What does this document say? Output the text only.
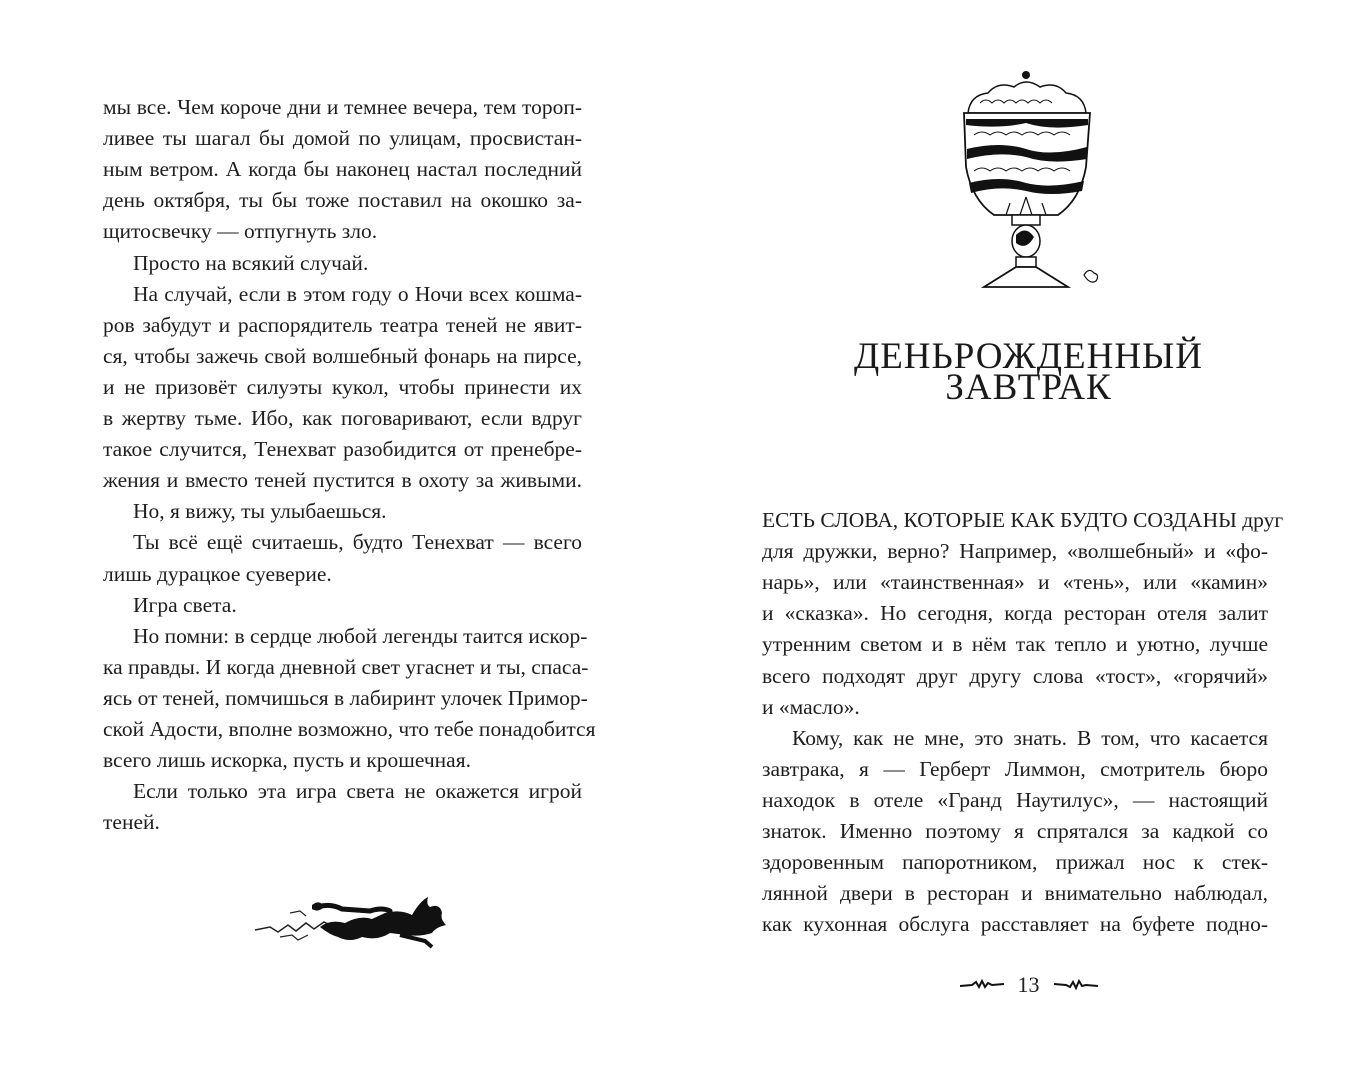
мы все. Чем короче дни и темнее вечера, тем тороп-
ливее ты шагал бы домой по улицам, просвистан-
ным ветром. А когда бы наконец настал последний
день октября, ты бы тоже поставил на окошко за-
щитосвечку — отпугнуть зло.
Просто на всякий случай.
На случай, если в этом году о Ночи всех кошма-
ров забудут и распорядитель театра теней не явит-
ся, чтобы зажечь свой волшебный фонарь на пирсе,
и не призовёт силуэты кукол, чтобы принести их
в жертву тьме. Ибо, как поговаривают, если вдруг
такое случится, Тенехват разобидится от пренебре-
жения и вместо теней пустится в охоту за живыми.
Но, я вижу, ты улыбаешься.
Ты всё ещё считаешь, будто Тенехват — всего
лишь дурацкое суеверие.
Игра света.
Но помни: в сердце любой легенды таится искор-
ка правды. И когда дневной свет угаснет и ты, спаса-
ясь от теней, помчишься в лабиринт улочек Примор-
ской Адости, вполне возможно, что тебе понадобится
всего лишь искорка, пусть и крошечная.
Если только эта игра света не окажется игрой
теней.
ДЕНЬРОЖДЕННЫЙ
ЗАВТРАК
ЕСТЬ СЛОВА, КОТОРЫЕ КАК БУДТО СОЗДАНЫ друг
для дружки, верно? Например, «волшебный» и «фо-
нарь», или «таинственная» и «тень», или «камин»
и «сказка». Но сегодня, когда ресторан отеля залит
утренним светом и в нём так тепло и уютно, лучше
всего подходят друг другу слова «тост», «горячий»
и «масло».
Кому, как не мне, это знать. В том, что касается
завтрака, я — Герберт Лиммон, смотритель бюро
находок в отеле «Гранд Наутилус», — настоящий
знаток. Именно поэтому я спрятался за кадкой со
здоровенным папоротником, прижал нос к стек-
лянной двери в ресторан и внимательно наблюдал,
как кухонная обслуга расставляет на буфете подно-
13
